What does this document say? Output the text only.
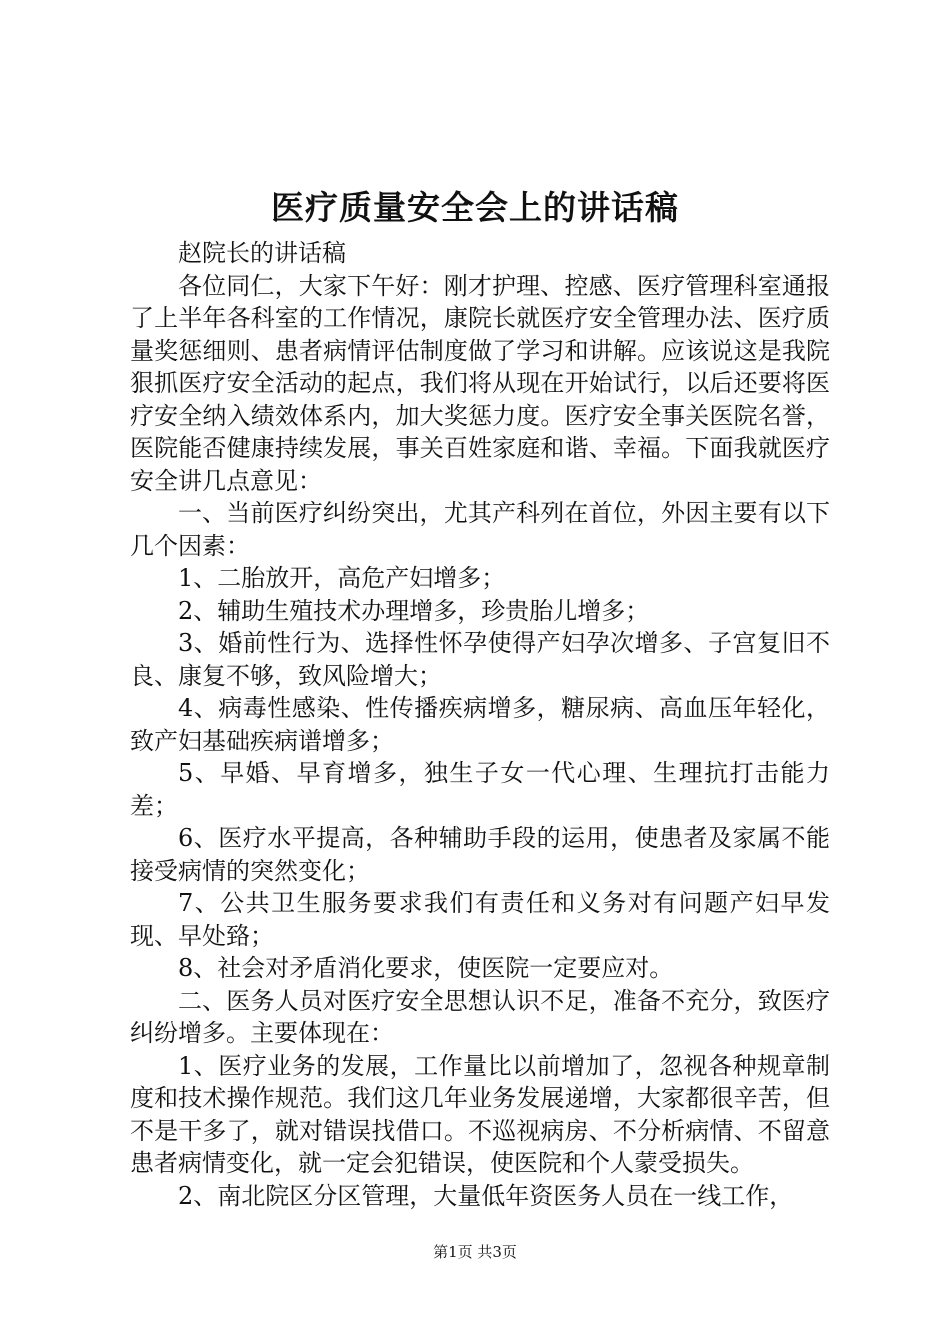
医疗质量安全会上的讲话稿

赵院长的讲话稿

各位同仁，大家下午好：刚才护理、控感、医疗管理科室通报了上半年各科室的工作情况，康院长就医疗安全管理办法、医疗质量奖惩细则、患者病情评估制度做了学习和讲解。应该说这是我院狠抓医疗安全活动的起点，我们将从现在开始试行，以后还要将医疗安全纳入绩效体系内，加大奖惩力度。医疗安全事关医院名誉，医院能否健康持续发展，事关百姓家庭和谐、幸福。下面我就医疗安全讲几点意见：

一、当前医疗纠纷突出，尤其产科列在首位，外因主要有以下几个因素：

1、二胎放开，高危产妇增多；

2、辅助生殖技术办理增多，珍贵胎儿增多；

3、婚前性行为、选择性怀孕使得产妇孕次增多、子宫复旧不良、康复不够，致风险增大；

4、病毒性感染、性传播疾病增多，糖尿病、高血压年轻化，致产妇基础疾病谱增多；

5、早婚、早育增多，独生子女一代心理、生理抗打击能力差；

6、医疗水平提高，各种辅助手段的运用，使患者及家属不能接受病情的突然变化；

7、公共卫生服务要求我们有责任和义务对有问题产妇早发现、早处臵；

8、社会对矛盾消化要求，使医院一定要应对。

二、医务人员对医疗安全思想认识不足，准备不充分，致医疗纠纷增多。主要体现在：

1、医疗业务的发展，工作量比以前增加了，忽视各种规章制度和技术操作规范。我们这几年业务发展递增，大家都很辛苦，但不是干多了，就对错误找借口。不巡视病房、不分析病情、不留意患者病情变化，就一定会犯错误，使医院和个人蒙受损失。

2、南北院区分区管理，大量低年资医务人员在一线工作，

第1页 共3页
